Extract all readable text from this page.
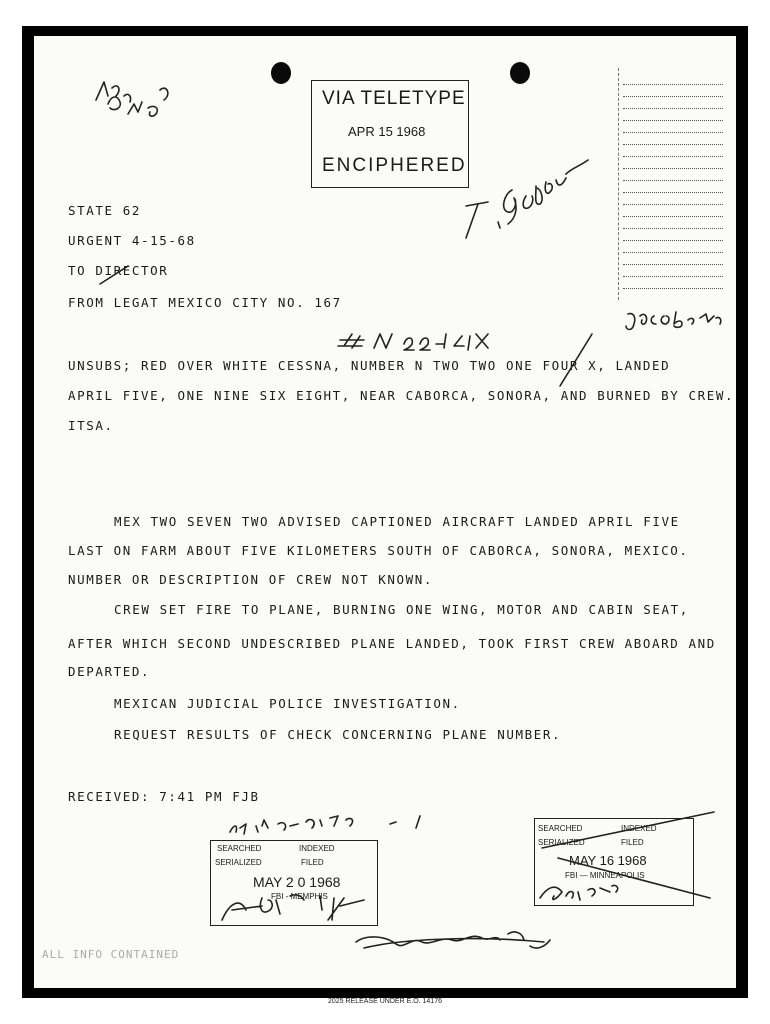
VIA TELETYPE
APR 15 1968
ENCIPHERED
STATE 62
URGENT 4-15-68
TO DIRECTOR
FROM LEGAT MEXICO CITY NO. 167
UNSUBS; RED OVER WHITE CESSNA, NUMBER N TWO TWO ONE FOUR X, LANDED
APRIL FIVE, ONE NINE SIX EIGHT, NEAR CABORCA, SONORA, AND BURNED BY CREW.
ITSA.
MEX TWO SEVEN TWO ADVISED CAPTIONED AIRCRAFT LANDED APRIL FIVE
LAST ON FARM ABOUT FIVE KILOMETERS SOUTH OF CABORCA, SONORA, MEXICO.
NUMBER OR DESCRIPTION OF CREW NOT KNOWN.
CREW SET FIRE TO PLANE, BURNING ONE WING, MOTOR AND CABIN SEAT,
AFTER WHICH SECOND UNDESCRIBED PLANE LANDED, TOOK FIRST CREW ABOARD AND
DEPARTED.
MEXICAN JUDICIAL POLICE INVESTIGATION.
REQUEST RESULTS OF CHECK CONCERNING PLANE NUMBER.
RECEIVED: 7:41 PM FJB
SEARCHED	INDEXED
SERIALIZED	FILED
MAY 2 0 1968
FBI - MEMPHIS
SEARCHED	INDEXED
SERIALIZED	FILED
MAY 16 1968
FBI — MINNEAPOLIS
ALL INFO CONTAINED
2025 RELEASE UNDER E.O. 14176
